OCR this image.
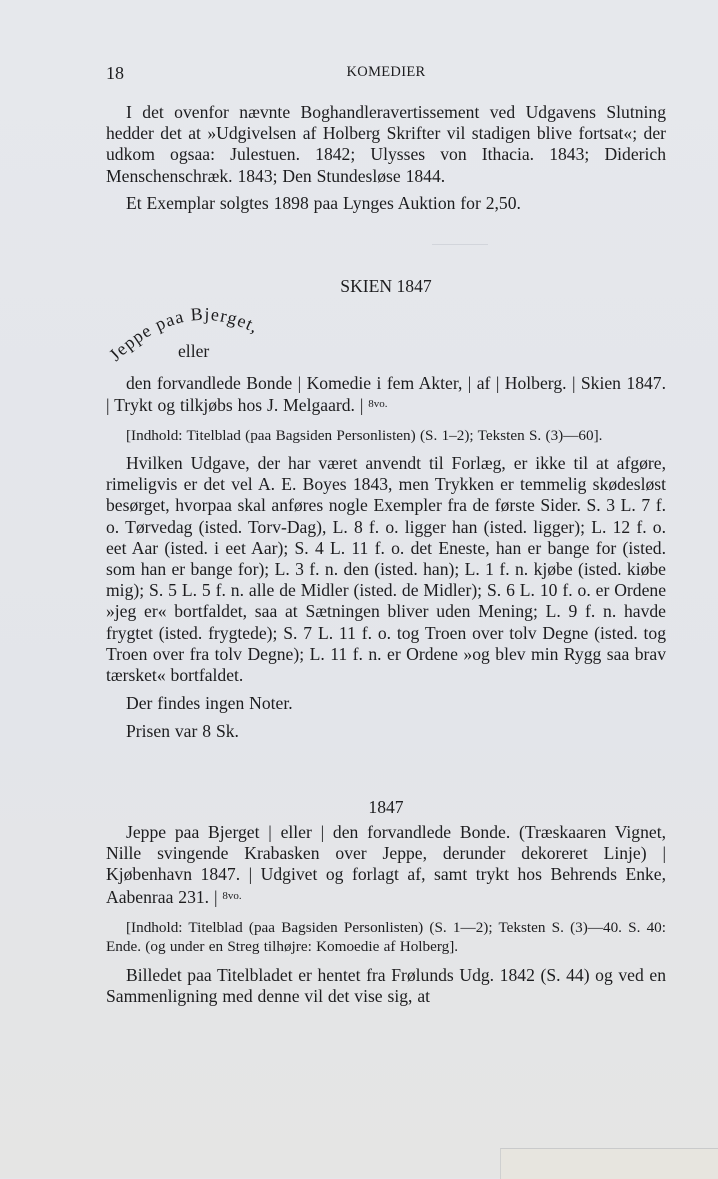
18	KOMEDIER

I det ovenfor nævnte Boghandleravertissement ved Udgavens Slutning hedder det at »Udgivelsen af Holberg Skrifter vil stadigen blive fortsat«; der udkom ogsaa: Julestuen. 1842; Ulysses von Ithacia. 1843; Diderich Menschenschræk. 1843; Den Stundesløse 1844.

Et Exemplar solgtes 1898 paa Lynges Auktion for 2,50.

SKIEN 1847
Jeppe paa Bjerget,
eller

den forvandlede Bonde | Komedie i fem Akter, | af | Holberg. | Skien 1847. | Trykt og tilkjøbs hos J. Melgaard. | $^{8vo.}$

[Indhold: Titelblad (paa Bagsiden Personlisten) (S. 1–2); Teksten S. (3)—60].

Hvilken Udgave, der har været anvendt til Forlæg, er ikke til at afgøre, rimeligvis er det vel A. E. Boyes 1843, men Trykken er temmelig skødesløst besørget, hvorpaa skal anføres nogle Exempler fra de første Sider. S. 3 L. 7 f. o. Tørvedag (isted. Torv-Dag), L. 8 f. o. ligger han (isted. ligger); L. 12 f. o. eet Aar (isted. i eet Aar); S. 4 L. 11 f. o. det Eneste, han er bange for (isted. som han er bange for); L. 3 f. n. den (isted. han); L. 1 f. n. kjøbe (isted. kiøbe mig); S. 5 L. 5 f. n. alle de Midler (isted. de Midler); S. 6 L. 10 f. o. er Ordene »jeg er« bortfaldet, saa at Sætningen bliver uden Mening; L. 9 f. n. havde frygtet (isted. frygtede); S. 7 L. 11 f. o. tog Troen over tolv Degne (isted. tog Troen over fra tolv Degne); L. 11 f. n. er Ordene »og blev min Rygg saa brav tærsket« bortfaldet.

Der findes ingen Noter.

Prisen var 8 Sk.

1847

Jeppe paa Bjerget | eller | den forvandlede Bonde. (Træskaaren Vignet, Nille svingende Krabasken over Jeppe, derunder dekoreret Linje) | Kjøbenhavn 1847. | Udgivet og forlagt af, samt trykt hos Behrends Enke, Aabenraa 231. | $^{8vo.}$

[Indhold: Titelblad (paa Bagsiden Personlisten) (S. 1—2); Teksten S. (3)—40. S. 40: Ende. (og under en Streg tilhøjre: Komoedie af Holberg].

Billedet paa Titelbladet er hentet fra Frølunds Udg. 1842 (S. 44) og ved en Sammenligning med denne vil det vise sig, at
